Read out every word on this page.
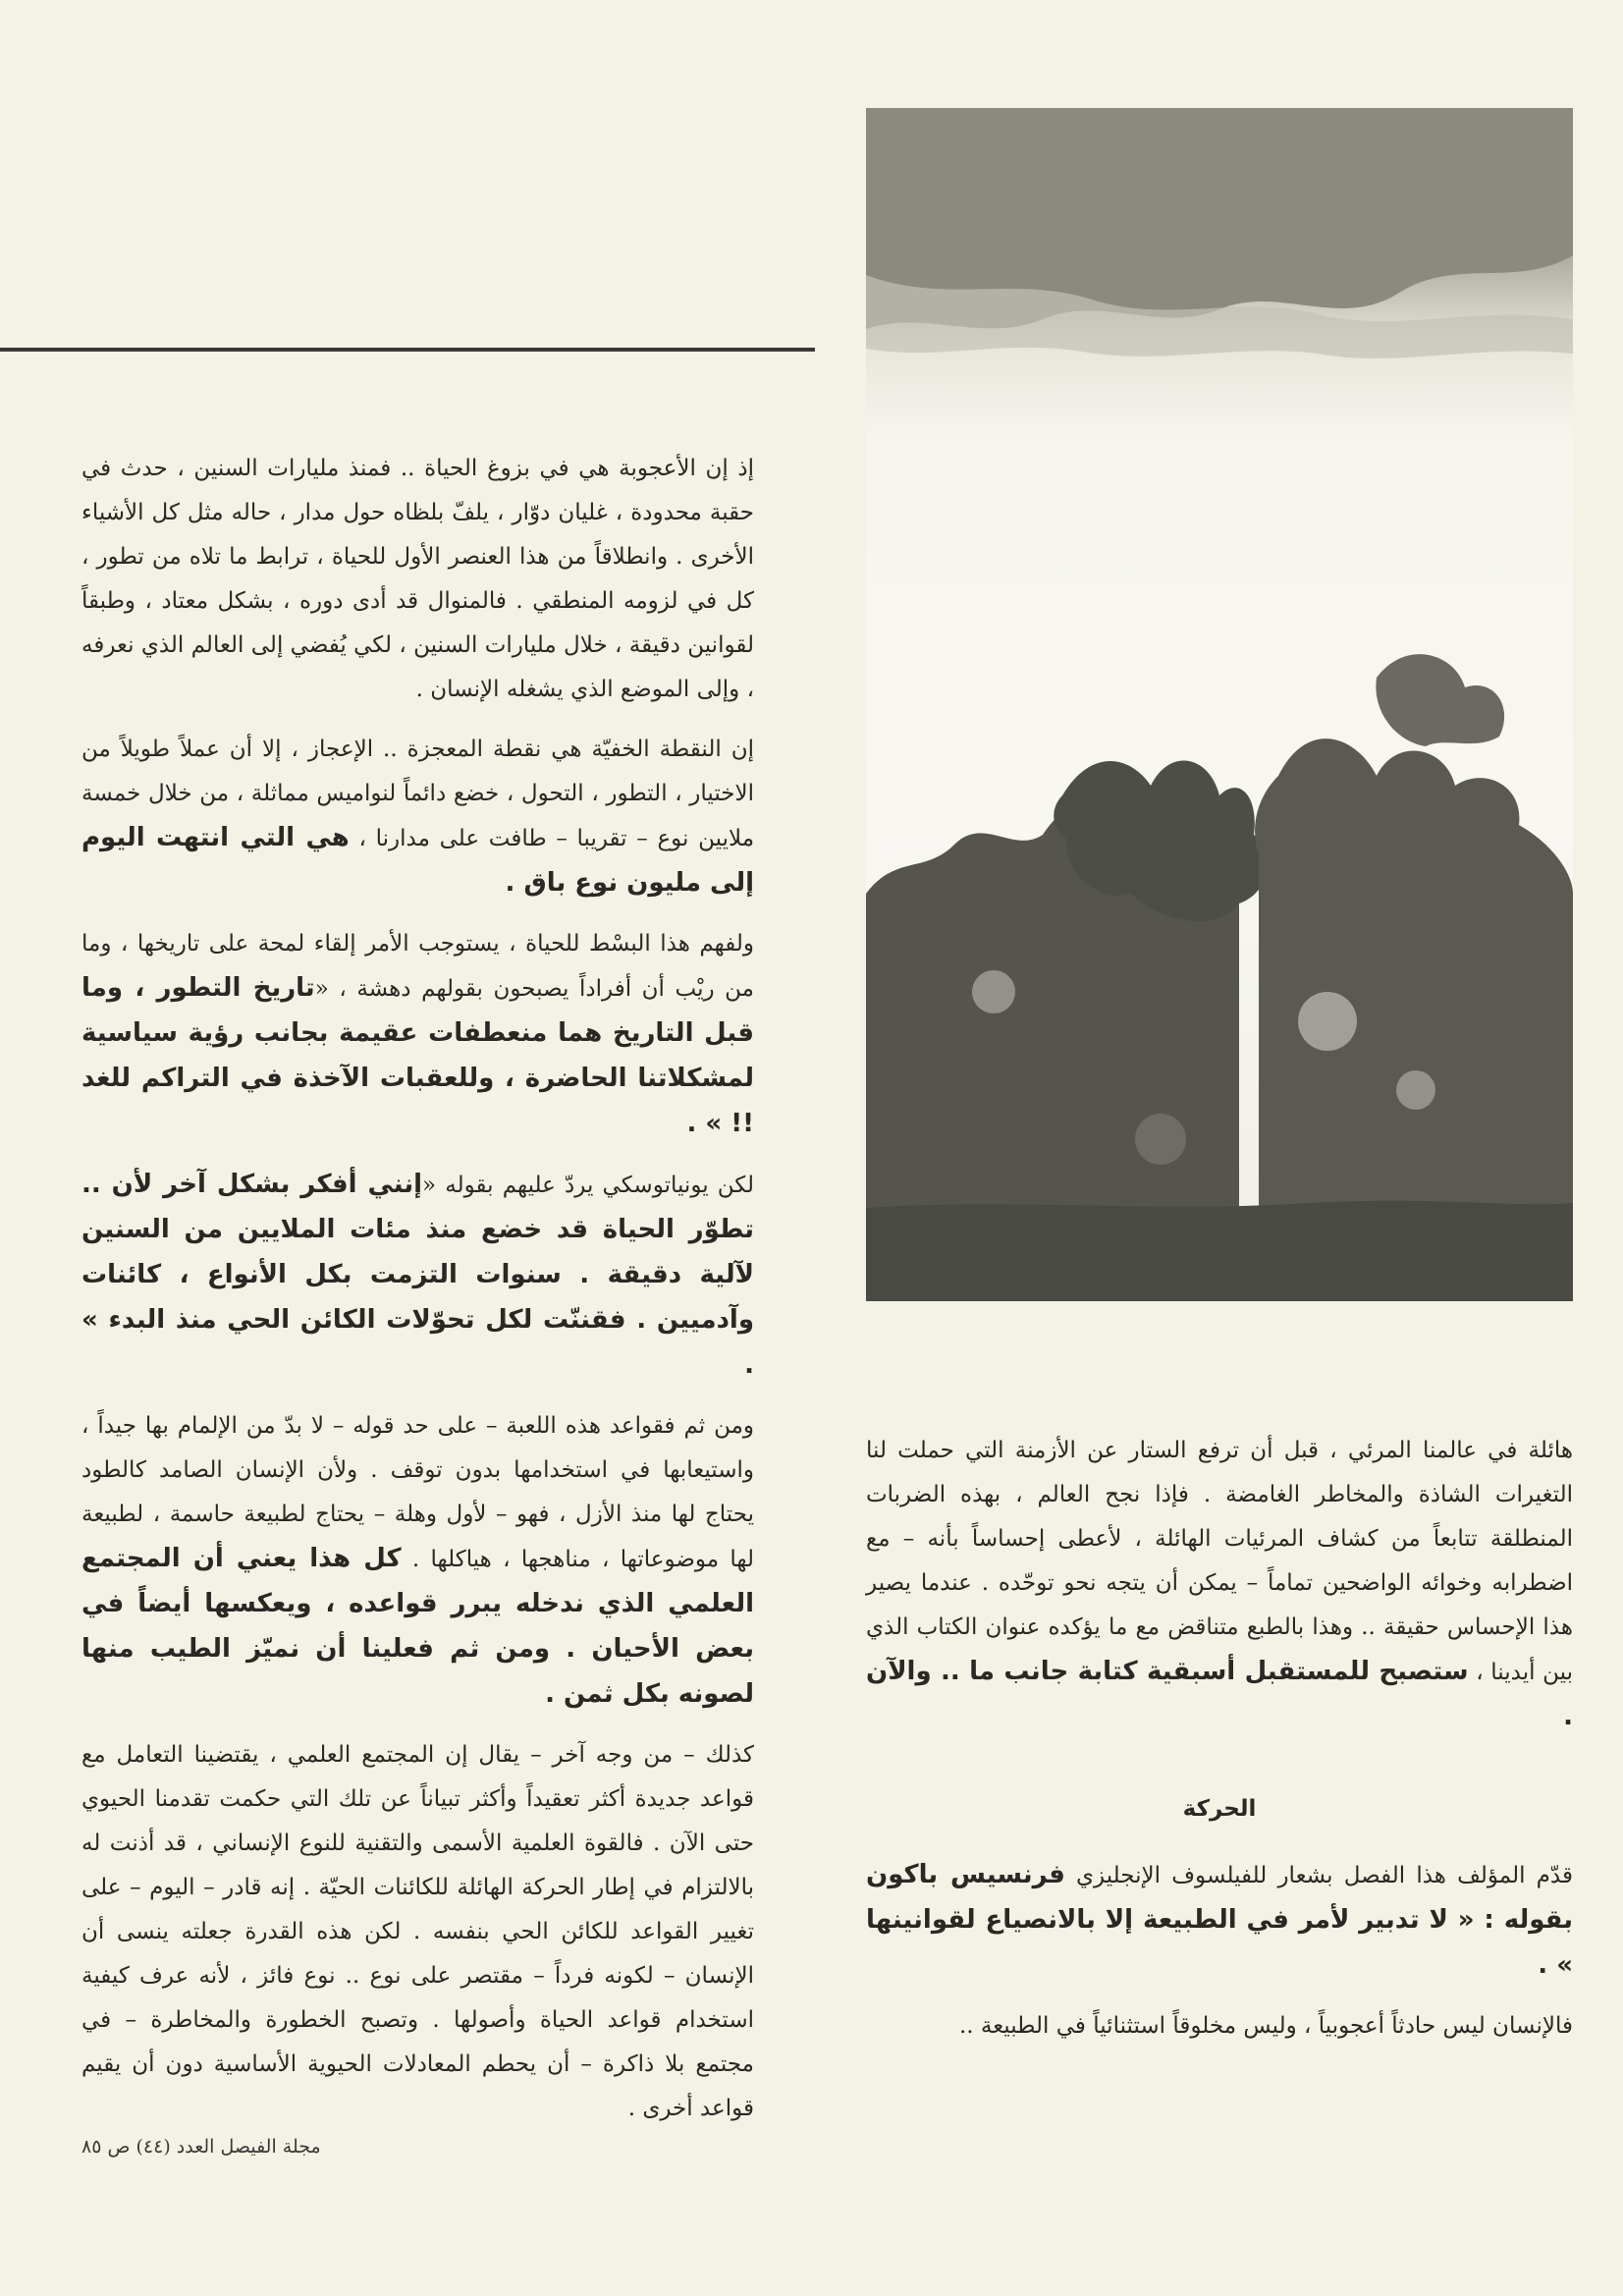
إذ إن الأعجوبة هي في بزوغ الحياة .. فمنذ مليارات السنين ، حدث في حقبة محدودة ، غليان دوّار ، يلفّ بلظاه حول مدار ، حاله مثل كل الأشياء الأخرى . وانطلاقاً من هذا العنصر الأول للحياة ، ترابط ما تلاه من تطور ، كل في لزومه المنطقي . فالمنوال قد أدى دوره ، بشكل معتاد ، وطبقاً لقوانين دقيقة ، خلال مليارات السنين ، لكي يُفضي إلى العالم الذي نعرفه ، وإلى الموضع الذي يشغله الإنسان .

إن النقطة الخفيّة هي نقطة المعجزة .. الإعجاز ، إلا أن عملاً طويلاً من الاختيار ، التطور ، التحول ، خضع دائماً لنواميس مماثلة ، من خلال خمسة ملايين نوع – تقريبا – طافت على مدارنا ، هي التي انتهت اليوم إلى مليون نوع باق .

ولفهم هذا البسْط للحياة ، يستوجب الأمر إلقاء لمحة على تاريخها ، وما من ريْب أن أفراداً يصبحون بقولهم دهشة ، «تاريخ التطور ، وما قبل التاريخ هما منعطفات عقيمة بجانب رؤية سياسية لمشكلاتنا الحاضرة ، وللعقبات الآخذة في التراكم للغد !! » .

لكن يونياتوسكي يردّ عليهم بقوله «إنني أفكر بشكل آخر لأن .. تطوّر الحياة قد خضع منذ مئات الملايين من السنين لآلية دقيقة . سنوات التزمت بكل الأنواع ، كائنات وآدميين . فقننّت لكل تحوّلات الكائن الحي منذ البدء » .

ومن ثم فقواعد هذه اللعبة – على حد قوله – لا بدّ من الإلمام بها جيداً ، واستيعابها في استخدامها بدون توقف . ولأن الإنسان الصامد كالطود يحتاج لها منذ الأزل ، فهو – لأول وهلة – يحتاج لطبيعة حاسمة ، لطبيعة لها موضوعاتها ، مناهجها ، هياكلها . كل هذا يعني أن المجتمع العلمي الذي ندخله يبرر قواعده ، ويعكسها أيضاً في بعض الأحيان . ومن ثم فعلينا أن نميّز الطيب منها لصونه بكل ثمن .

كذلك – من وجه آخر – يقال إن المجتمع العلمي ، يقتضينا التعامل مع قواعد جديدة أكثر تعقيداً وأكثر تبياناً عن تلك التي حكمت تقدمنا الحيوي حتى الآن . فالقوة العلمية الأسمى والتقنية للنوع الإنساني ، قد أذنت له بالالتزام في إطار الحركة الهائلة للكائنات الحيّة . إنه قادر – اليوم – على تغيير القواعد للكائن الحي بنفسه . لكن هذه القدرة جعلته ينسى أن الإنسان – لكونه فرداً – مقتصر على نوع .. نوع فائز ، لأنه عرف كيفية استخدام قواعد الحياة وأصولها . وتصبح الخطورة والمخاطرة – في مجتمع بلا ذاكرة – أن يحطم المعادلات الحيوية الأساسية دون أن يقيم قواعد أخرى .

هائلة في عالمنا المرئي ، قبل أن ترفع الستار عن الأزمنة التي حملت لنا التغيرات الشاذة والمخاطر الغامضة . فإذا نجح العالم ، بهذه الضربات المنطلقة تتابعاً من كشاف المرئيات الهائلة ، لأعطى إحساساً بأنه – مع اضطرابه وخوائه الواضحين تماماً – يمكن أن يتجه نحو توحّده . عندما يصير هذا الإحساس حقيقة .. وهذا بالطبع متناقض مع ما يؤكده عنوان الكتاب الذي بين أيدينا ، ستصبح للمستقبل أسبقية كتابة جانب ما .. والآن .

الحركة

قدّم المؤلف هذا الفصل بشعار للفيلسوف الإنجليزي فرنسيس باكون بقوله : « لا تدبير لأمر في الطبيعة إلا بالانصياع لقوانينها » .

فالإنسان ليس حادثاً أعجوبياً ، وليس مخلوقاً استثنائياً في الطبيعة ..

مجلة الفيصل العدد (٤٤) ص ٨٥
